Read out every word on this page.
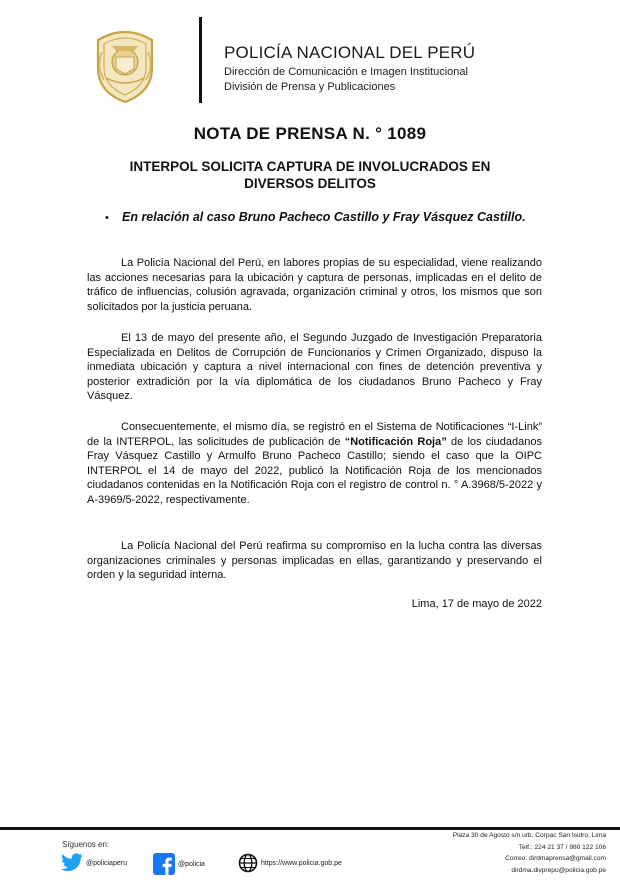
POLICÍA NACIONAL DEL PERÚ
Dirección de Comunicación e Imagen Institucional
División de Prensa y Publicaciones
NOTA DE PRENSA N. ° 1089
INTERPOL SOLICITA CAPTURA DE INVOLUCRADOS EN
DIVERSOS DELITOS
• En relación al caso Bruno Pacheco Castillo y Fray Vásquez Castillo.
La Policía Nacional del Perú, en labores propias de su especialidad, viene realizando las acciones necesarias para la ubicación y captura de personas, implicadas en el delito de tráfico de influencias, colusión agravada, organización criminal y otros, los mismos que son solicitados por la justicia peruana.
El 13 de mayo del presente año, el Segundo Juzgado de Investigación Preparatoria Especializada en Delitos de Corrupción de Funcionarios y Crimen Organizado, dispuso la inmediata ubicación y captura a nivel internacional con fines de detención preventiva y posterior extradición por la vía diplomática de los ciudadanos Bruno Pacheco y Fray Vásquez.
Consecuentemente, el mismo día, se registró en el Sistema de Notificaciones “I-Link” de la INTERPOL, las solicitudes de publicación de “Notificación Roja” de los ciudadanos Fray Vásquez Castillo y Armulfo Bruno Pacheco Castillo; siendo el caso que la OIPC INTERPOL el 14 de mayo del 2022, publicó la Notificación Roja de los mencionados ciudadanos contenidas en la Notificación Roja con el registro de control n. ° A.3968/5-2022 y A-3969/5-2022, respectivamente.
La Policía Nacional del Perú reafirma su compromiso en la lucha contra las diversas organizaciones criminales y personas implicadas en ellas, garantizando y preservando el orden y la seguridad interna.
Lima, 17 de mayo de 2022
Síguenos en:
@policiaperu	@policia	https://www.policia.gob.pe
Plaza 30 de Agosto s/n urb. Corpac San Isidro, Lima
Telf.: 224 21 37 / 980 122 106
Correo: dirdmaprensa@gmail.com
dirdma.divprepu@policia.gob.pe
